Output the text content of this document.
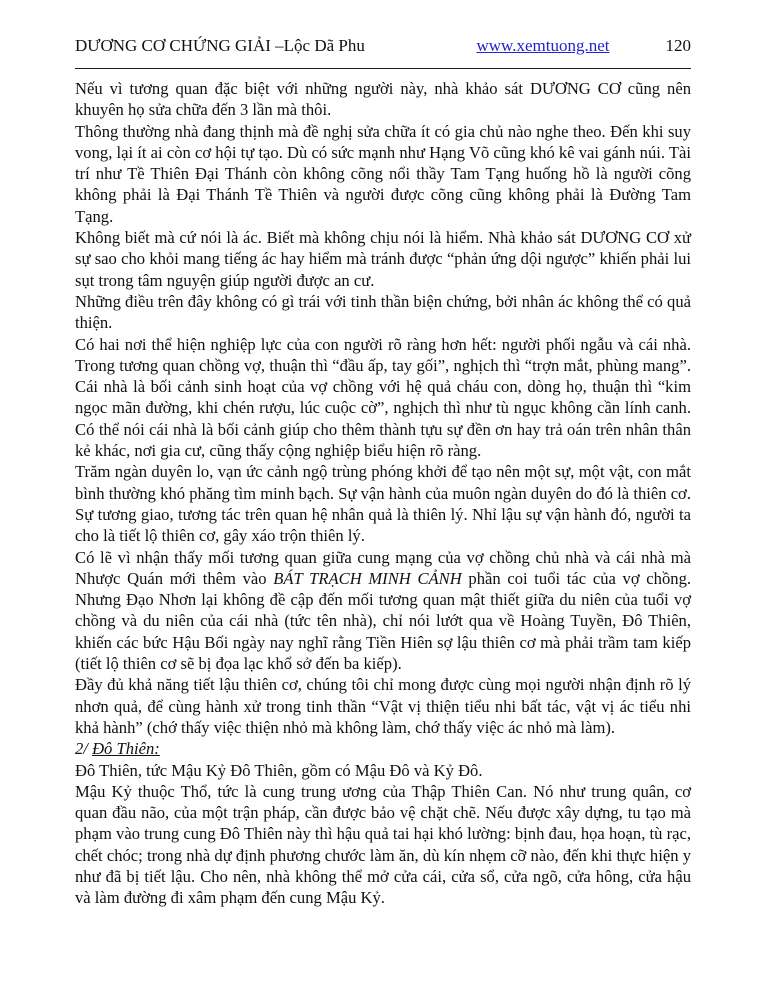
DƯƠNG CƠ CHỨNG GIẢI –Lộc Dã Phu	www.xemtuong.net	120

Nếu vì tương quan đặc biệt với những người này, nhà khảo sát DƯƠNG CƠ cũng nên khuyên họ sửa chữa đến 3 lần mà thôi.

Thông thường nhà đang thịnh mà đề nghị sửa chữa ít có gia chủ nào nghe theo. Đến khi suy vong, lại ít ai còn cơ hội tự tạo. Dù có sức mạnh như Hạng Võ cũng khó kê vai gánh núi. Tài trí như Tề Thiên Đại Thánh còn không cõng nổi thầy Tam Tạng huống hồ là người cõng không phải là Đại Thánh Tề Thiên và người được cõng cũng không phải là Đường Tam Tạng.

Không biết mà cứ nói là ác. Biết mà không chịu nói là hiểm. Nhà khảo sát DƯƠNG CƠ xử sự sao cho khỏi mang tiếng ác hay hiểm mà tránh được “phản ứng dội ngược” khiến phải lui sụt trong tâm nguyện giúp người được an cư.

Những điều trên đây không có gì trái với tinh thần biện chứng, bởi nhân ác không thể có quả thiện.

Có hai nơi thể hiện nghiệp lực của con người rõ ràng hơn hết: người phối ngẫu và cái nhà. Trong tương quan chồng vợ, thuận thì “đầu ấp, tay gối”, nghịch thì “trợn mắt, phùng mang”. Cái nhà là bối cảnh sinh hoạt của vợ chồng với hệ quả cháu con, dòng họ, thuận thì “kim ngọc mãn đường, khi chén rượu, lúc cuộc cờ”, nghịch thì như tù ngục không cần lính canh. Có thể nói cái nhà là bối cảnh giúp cho thêm thành tựu sự đền ơn hay trả oán trên nhân thân kẻ khác, nơi gia cư, cũng thấy cộng nghiệp biểu hiện rõ ràng.

Trăm ngàn duyên lo, vạn ức cảnh ngộ trùng phóng khởi để tạo nên một sự, một vật, con mắt bình thường khó phăng tìm minh bạch. Sự vận hành của muôn ngàn duyên do đó là thiên cơ. Sự tương giao, tương tác trên quan hệ nhân quả là thiên lý. Nhỉ lậu sự vận hành đó, người ta cho là tiết lộ thiên cơ, gây xáo trộn thiên lý.

Có lẽ vì nhận thấy mối tương quan giữa cung mạng của vợ chồng chủ nhà và cái nhà mà Nhược Quán mới thêm vào BÁT TRẠCH MINH CẢNH phần coi tuổi tác của vợ chồng. Nhưng Đạo Nhơn lại không đề cập đến mối tương quan mật thiết giữa du niên của tuổi vợ chồng và du niên của cái nhà (tức tên nhà), chỉ nói lướt qua về Hoàng Tuyền, Đô Thiên, khiến các bức Hậu Bối ngày nay nghĩ rằng Tiền Hiên sợ lậu thiên cơ mà phải trầm tam kiếp (tiết lộ thiên cơ sẽ bị đọa lạc khổ sở đến ba kiếp).

Đầy đủ khả năng tiết lậu thiên cơ, chúng tôi chỉ mong được cùng mọi người nhận định rõ lý nhơn quả, để cùng hành xử trong tinh thần “Vật vị thiện tiểu nhi bất tác, vật vị ác tiểu nhi khả hành” (chớ thấy việc thiện nhỏ mà không làm, chớ thấy việc ác nhỏ mà làm).

2/ Đô Thiên:

Đô Thiên, tức Mậu Kỷ Đô Thiên, gồm có Mậu Đô và Kỷ Đô.

Mậu Kỷ thuộc Thổ, tức là cung trung ương của Thập Thiên Can. Nó như trung quân, cơ quan đầu não, của một trận pháp, cần được bảo vệ chặt chẽ. Nếu được xây dựng, tu tạo mà phạm vào trung cung Đô Thiên này thì hậu quả tai hại khó lường: bịnh đau, họa hoạn, tù rạc, chết chóc; trong nhà dự định phương chước làm ăn, dù kín nhẹm cỡ nào, đến khi thực hiện y như đã bị tiết lậu. Cho nên, nhà không thể mở cửa cái, cửa sổ, cửa ngõ, cửa hông, cửa hậu và làm đường đi xâm phạm đến cung Mậu Kỷ.
